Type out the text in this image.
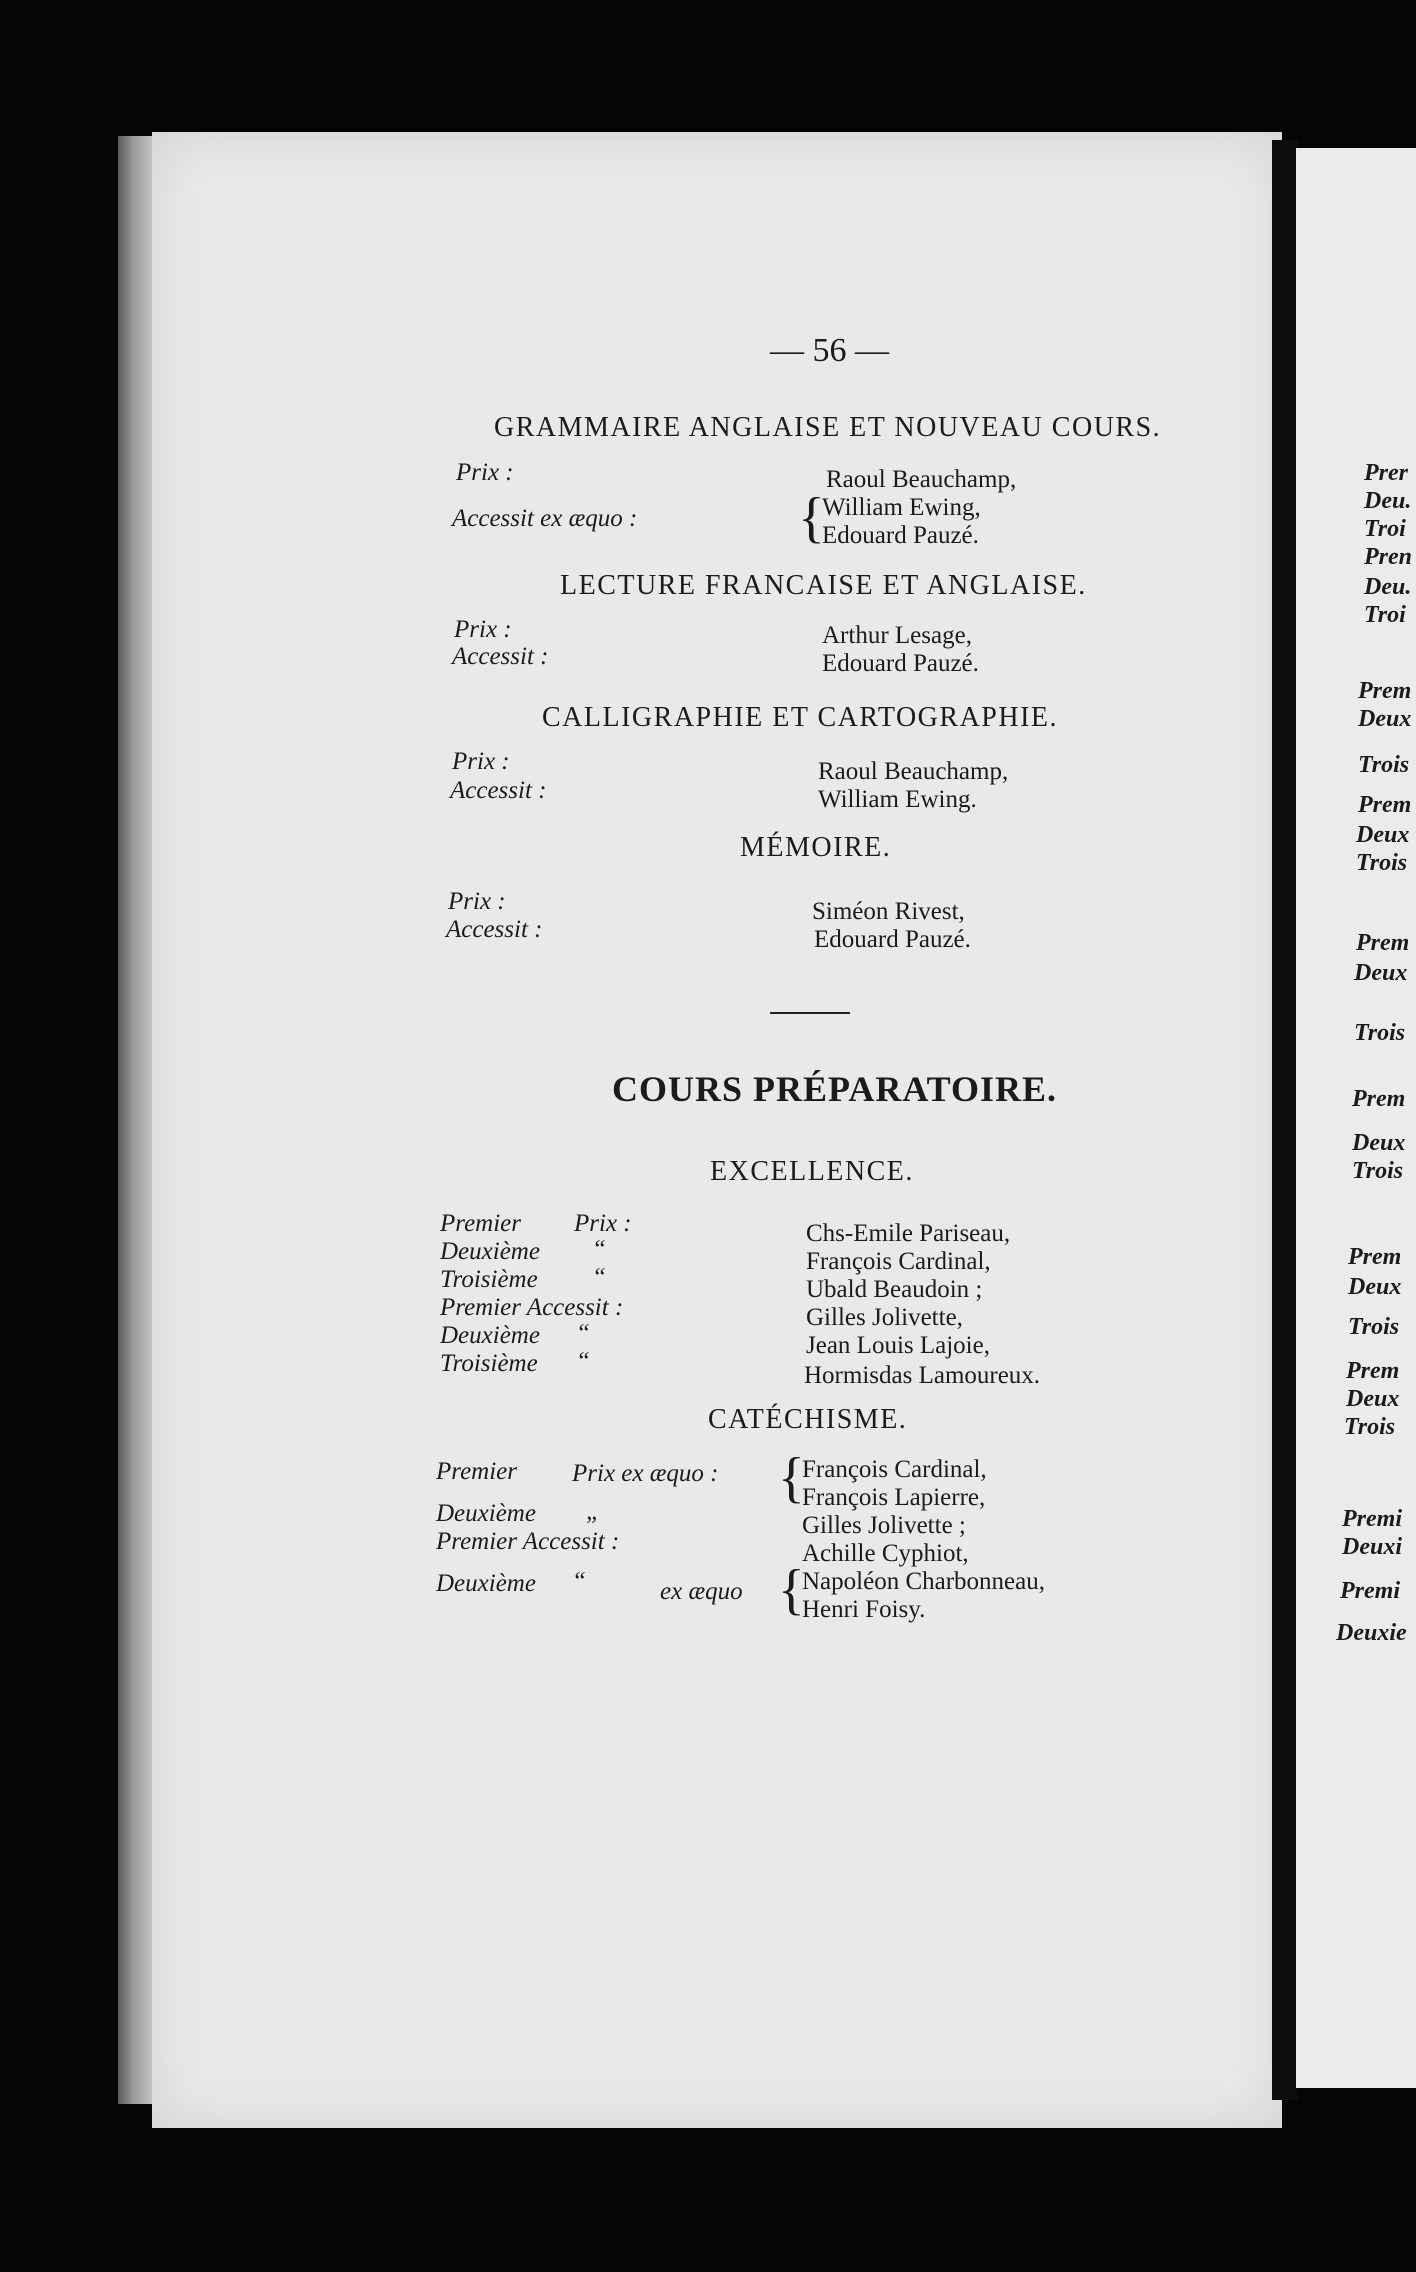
— 56 —
GRAMMAIRE ANGLAISE ET NOUVEAU COURS.
Prix :
Accessit ex æquo :
Raoul Beauchamp,
{
William Ewing,
Edouard Pauzé.
LECTURE FRANCAISE ET ANGLAISE.
Prix :
Accessit :
Arthur Lesage,
Edouard Pauzé.
CALLIGRAPHIE ET CARTOGRAPHIE.
Prix :
Accessit :
Raoul Beauchamp,
William Ewing.
MÉMOIRE.
Prix :
Accessit :
Siméon Rivest,
Edouard Pauzé.
COURS PRÉPARATOIRE.
EXCELLENCE.
Premier Prix :
Deuxième “
Troisième “
Premier Accessit :
Deuxième “
Troisième “
Chs-Emile Pariseau,
François Cardinal,
Ubald Beaudoin ;
Gilles Jolivette,
Jean Louis Lajoie,
Hormisdas Lamoureux.
CATÉCHISME.
Premier Prix ex æquo :
Deuxième „
Premier Accessit :
Deuxième “	ex æquo
{
François Cardinal,
François Lapierre,
Gilles Jolivette ;
Achille Cyphiot,
{
Napoléon Charbonneau,
Henri Foisy.
Prer
Deu.
Troi
Pren
Deu.
Troi
Prem
Deux
Trois
Prem
Deux
Trois
Prem
Deux
Trois
Prem
Deux
Trois
Prem
Deux
Trois
Prem
Deux
Trois
Premi
Deuxi
Premi
Deuxie
